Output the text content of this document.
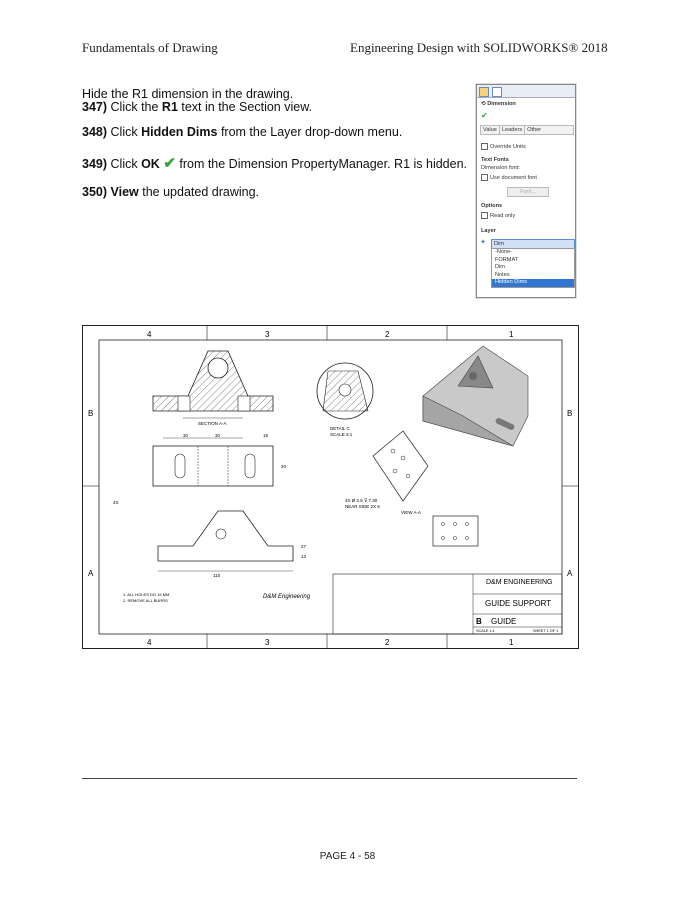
Fundamentals of Drawing	Engineering Design with SOLIDWORKS® 2018

Hide the R1 dimension in the drawing.

347) Click the R1 text in the Section view.
348) Click Hidden Dims from the Layer drop-down menu.
349) Click OK ✔ from the Dimension PropertyManager. R1 is hidden.
350) View the updated drawing.
⟲ Dimension
✔
Value Leaders Other
Override Units
Text Fonts
Dimension font:
Use document font
Font...
Options
Read only
Layer
◈	Dim
-None-
FORMAT
Dim
Notes
Hidden Dims
4	3	2	1
4	3	2	1
B	B
A	A
SECTION A-A
DETAIL C
SCALE 3:1
30	30	19
20
4X Ø 2.5 ⊽ 7.30
NEAR SIDE 2X 6
VIEW A-A
110
4X
27
13
1. ALL HOLES DO 15 MM
2. REMOVE ALL BURRS
D&M Engineering
D&M ENGINEERING
GUIDE SUPPORT
B GUIDE
SCALE 1:1	SHEET 1 OF 1
PAGE 4 - 58
